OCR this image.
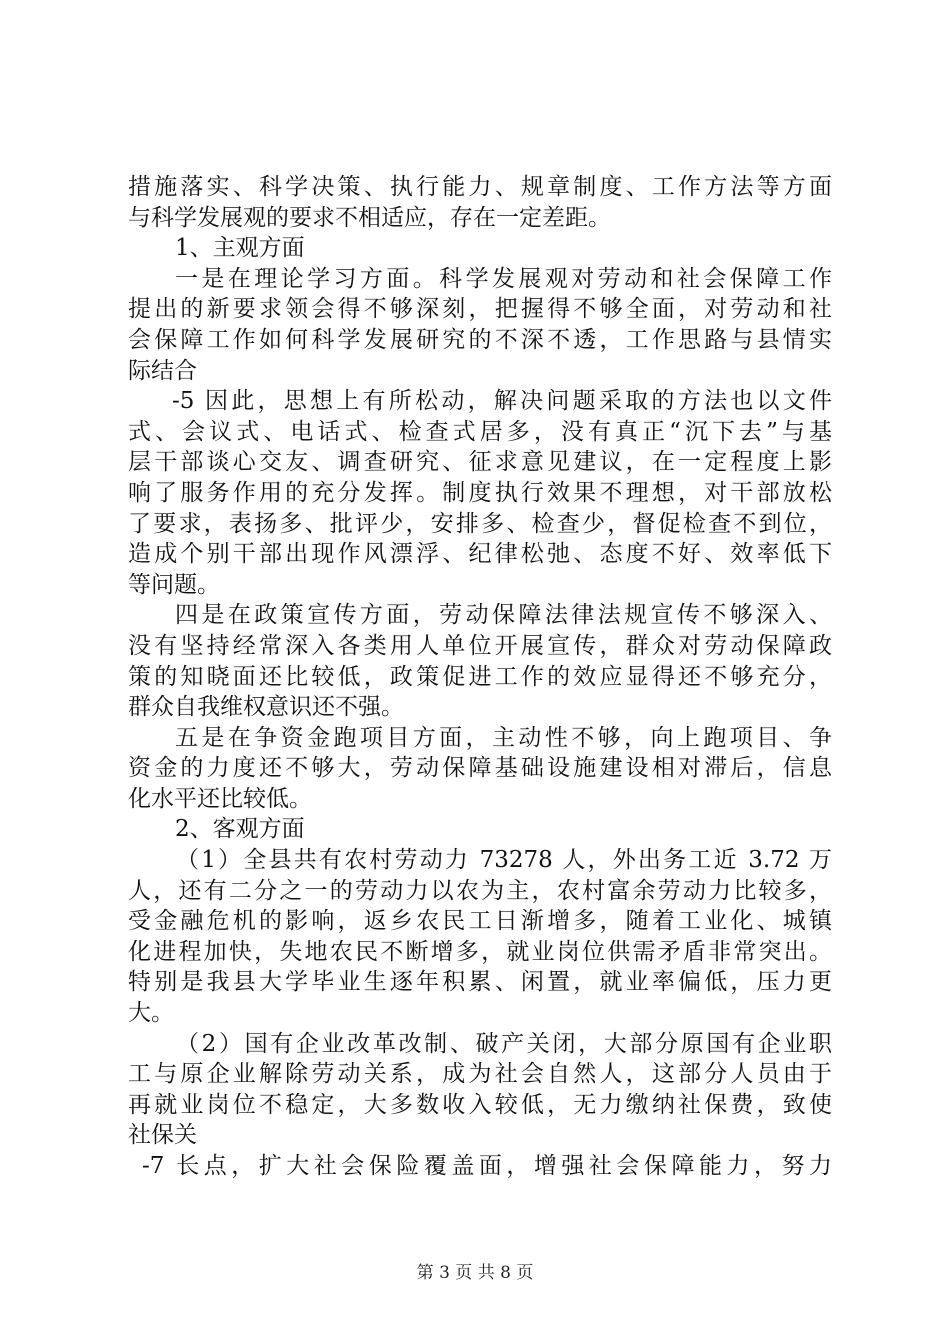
措施落实、科学决策、执行能力、规章制度、工作方法等方面
与科学发展观的要求不相适应，存在一定差距。
1、主观方面
一是在理论学习方面。科学发展观对劳动和社会保障工作
提出的新要求领会得不够深刻，把握得不够全面，对劳动和社
会保障工作如何科学发展研究的不深不透，工作思路与县情实
际结合
-5 因此，思想上有所松动，解决问题采取的方法也以文件
式、会议式、电话式、检查式居多，没有真正“沉下去”与基
层干部谈心交友、调查研究、征求意见建议，在一定程度上影
响了服务作用的充分发挥。制度执行效果不理想，对干部放松
了要求，表扬多、批评少，安排多、检查少，督促检查不到位，
造成个别干部出现作风漂浮、纪律松弛、态度不好、效率低下
等问题。
四是在政策宣传方面，劳动保障法律法规宣传不够深入、
没有坚持经常深入各类用人单位开展宣传，群众对劳动保障政
策的知晓面还比较低，政策促进工作的效应显得还不够充分，
群众自我维权意识还不强。
五是在争资金跑项目方面，主动性不够，向上跑项目、争
资金的力度还不够大，劳动保障基础设施建设相对滞后，信息
化水平还比较低。
2、客观方面
（1）全县共有农村劳动力 73278 人，外出务工近 3.72 万
人，还有二分之一的劳动力以农为主，农村富余劳动力比较多，
受金融危机的影响，返乡农民工日渐增多，随着工业化、城镇
化进程加快，失地农民不断增多，就业岗位供需矛盾非常突出。
特别是我县大学毕业生逐年积累、闲置，就业率偏低，压力更
大。
（2）国有企业改革改制、破产关闭，大部分原国有企业职
工与原企业解除劳动关系，成为社会自然人，这部分人员由于
再就业岗位不稳定，大多数收入较低，无力缴纳社保费，致使
社保关
-7 长点，扩大社会保险覆盖面，增强社会保障能力，努力
第 3 页 共 8 页
